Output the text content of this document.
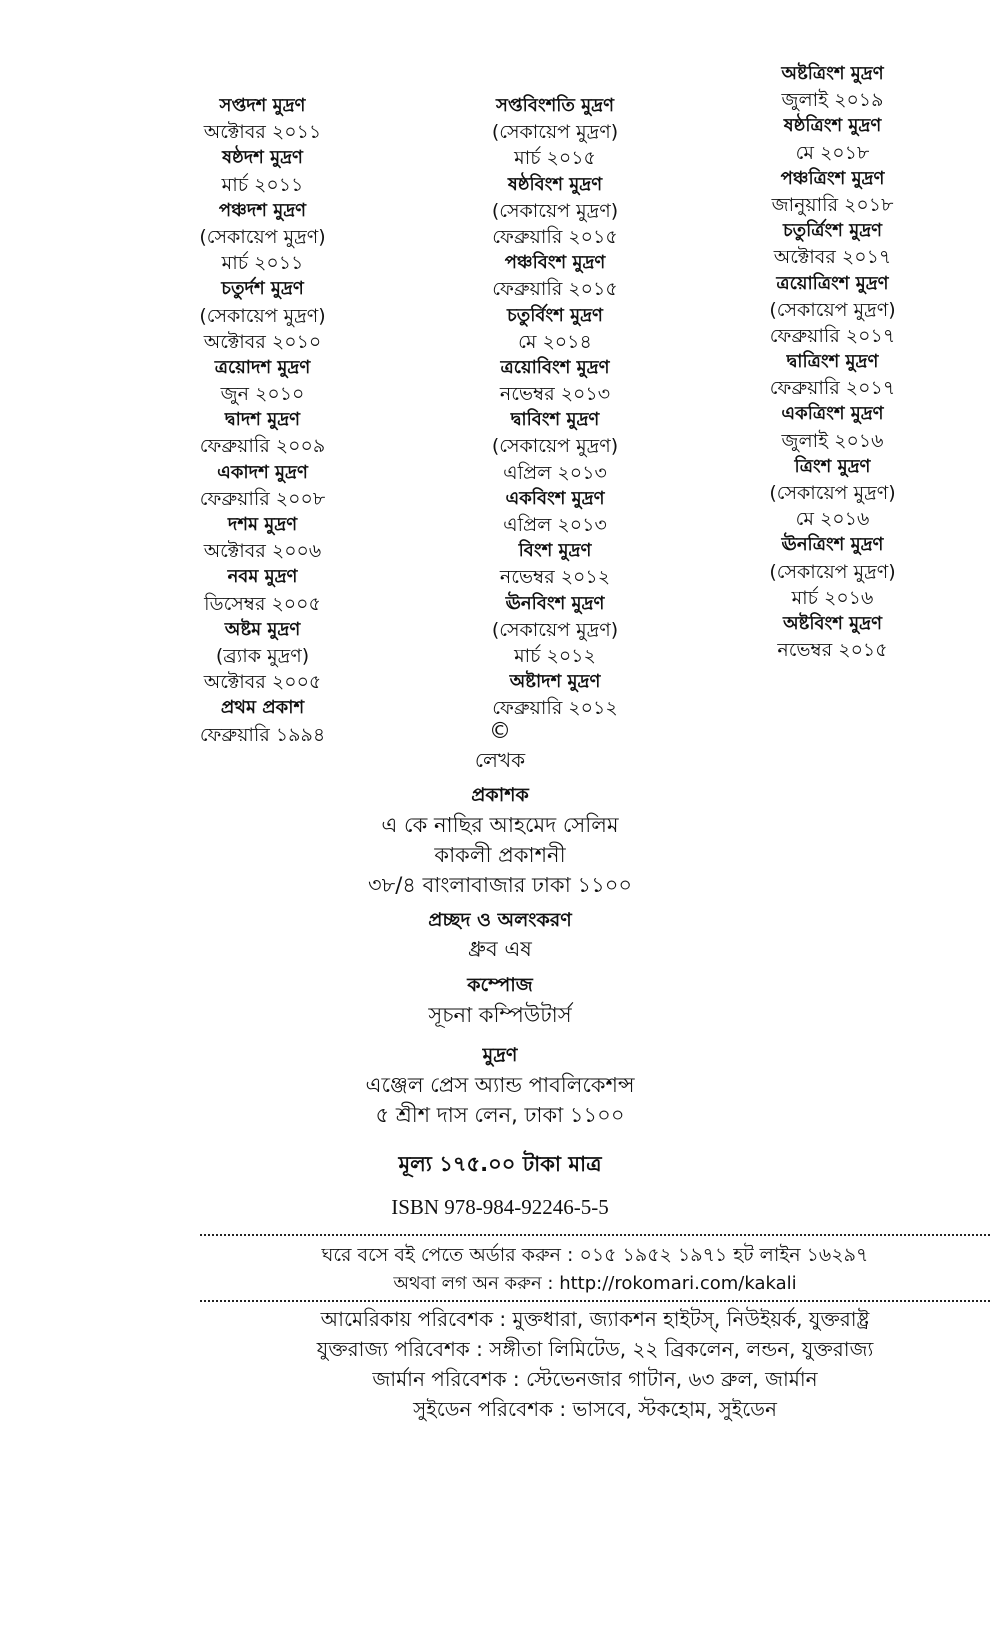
সপ্তদশ মুদ্রণ
অক্টোবর ২০১১
ষষ্ঠদশ মুদ্রণ
মার্চ ২০১১
পঞ্চদশ মুদ্রণ
(সেকায়েপ মুদ্রণ)
মার্চ ২০১১
চতুর্দশ মুদ্রণ
(সেকায়েপ মুদ্রণ)
অক্টোবর ২০১০
ত্রয়োদশ মুদ্রণ
জুন ২০১০
দ্বাদশ মুদ্রণ
ফেব্রুয়ারি ২০০৯
একাদশ মুদ্রণ
ফেব্রুয়ারি ২০০৮
দশম মুদ্রণ
অক্টোবর ২০০৬
নবম মুদ্রণ
ডিসেম্বর ২০০৫
অষ্টম মুদ্রণ
(ব্র্যাক মুদ্রণ)
অক্টোবর ২০০৫
প্রথম প্রকাশ
ফেব্রুয়ারি ১৯৯৪
সপ্তবিংশতি মুদ্রণ
(সেকায়েপ মুদ্রণ)
মার্চ ২০১৫
ষষ্ঠবিংশ মুদ্রণ
(সেকায়েপ মুদ্রণ)
ফেব্রুয়ারি ২০১৫
পঞ্চবিংশ মুদ্রণ
ফেব্রুয়ারি ২০১৫
চতুর্বিংশ মুদ্রণ
মে ২০১৪
ত্রয়োবিংশ মুদ্রণ
নভেম্বর ২০১৩
দ্বাবিংশ মুদ্রণ
(সেকায়েপ মুদ্রণ)
এপ্রিল ২০১৩
একবিংশ মুদ্রণ
এপ্রিল ২০১৩
বিংশ মুদ্রণ
নভেম্বর ২০১২
ঊনবিংশ মুদ্রণ
(সেকায়েপ মুদ্রণ)
মার্চ ২০১২
অষ্টাদশ মুদ্রণ
ফেব্রুয়ারি ২০১২
অষ্টত্রিংশ মুদ্রণ
জুলাই ২০১৯
ষষ্ঠত্রিংশ মুদ্রণ
মে ২০১৮
পঞ্চত্রিংশ মুদ্রণ
জানুয়ারি ২০১৮
চতুর্ত্রিংশ মুদ্রণ
অক্টোবর ২০১৭
ত্রয়োত্রিংশ মুদ্রণ
(সেকায়েপ মুদ্রণ)
ফেব্রুয়ারি ২০১৭
দ্বাত্রিংশ মুদ্রণ
ফেব্রুয়ারি ২০১৭
একত্রিংশ মুদ্রণ
জুলাই ২০১৬
ত্রিংশ মুদ্রণ
(সেকায়েপ মুদ্রণ)
মে ২০১৬
ঊনত্রিংশ মুদ্রণ
(সেকায়েপ মুদ্রণ)
মার্চ ২০১৬
অষ্টবিংশ মুদ্রণ
নভেম্বর ২০১৫
©
লেখক
প্রকাশক
এ কে নাছির আহমেদ সেলিম
কাকলী প্রকাশনী
৩৮/৪ বাংলাবাজার ঢাকা ১১০০
প্রচ্ছদ ও অলংকরণ
ধ্রুব এষ
কম্পোজ
সূচনা কম্পিউটার্স
মুদ্রণ
এঞ্জেল প্রেস অ্যান্ড পাবলিকেশন্স
৫ শ্রীশ দাস লেন, ঢাকা ১১০০
মূল্য ১৭৫.০০ টাকা মাত্র
ISBN 978-984-92246-5-5
ঘরে বসে বই পেতে অর্ডার করুন : ০১৫ ১৯৫২ ১৯৭১ হট লাইন ১৬২৯৭
অথবা লগ অন করুন : http://rokomari.com/kakali
আমেরিকায় পরিবেশক : মুক্তধারা, জ্যাকশন হাইটস্, নিউইয়র্ক, যুক্তরাষ্ট্র
যুক্তরাজ্য পরিবেশক : সঙ্গীতা লিমিটেড, ২২ ব্রিকলেন, লন্ডন, যুক্তরাজ্য
জার্মান পরিবেশক : স্টেভেনজার গাটান, ৬৩ ব্রুল, জার্মান
সুইডেন পরিবেশক : ভাসবে, স্টকহোম, সুইডেন
